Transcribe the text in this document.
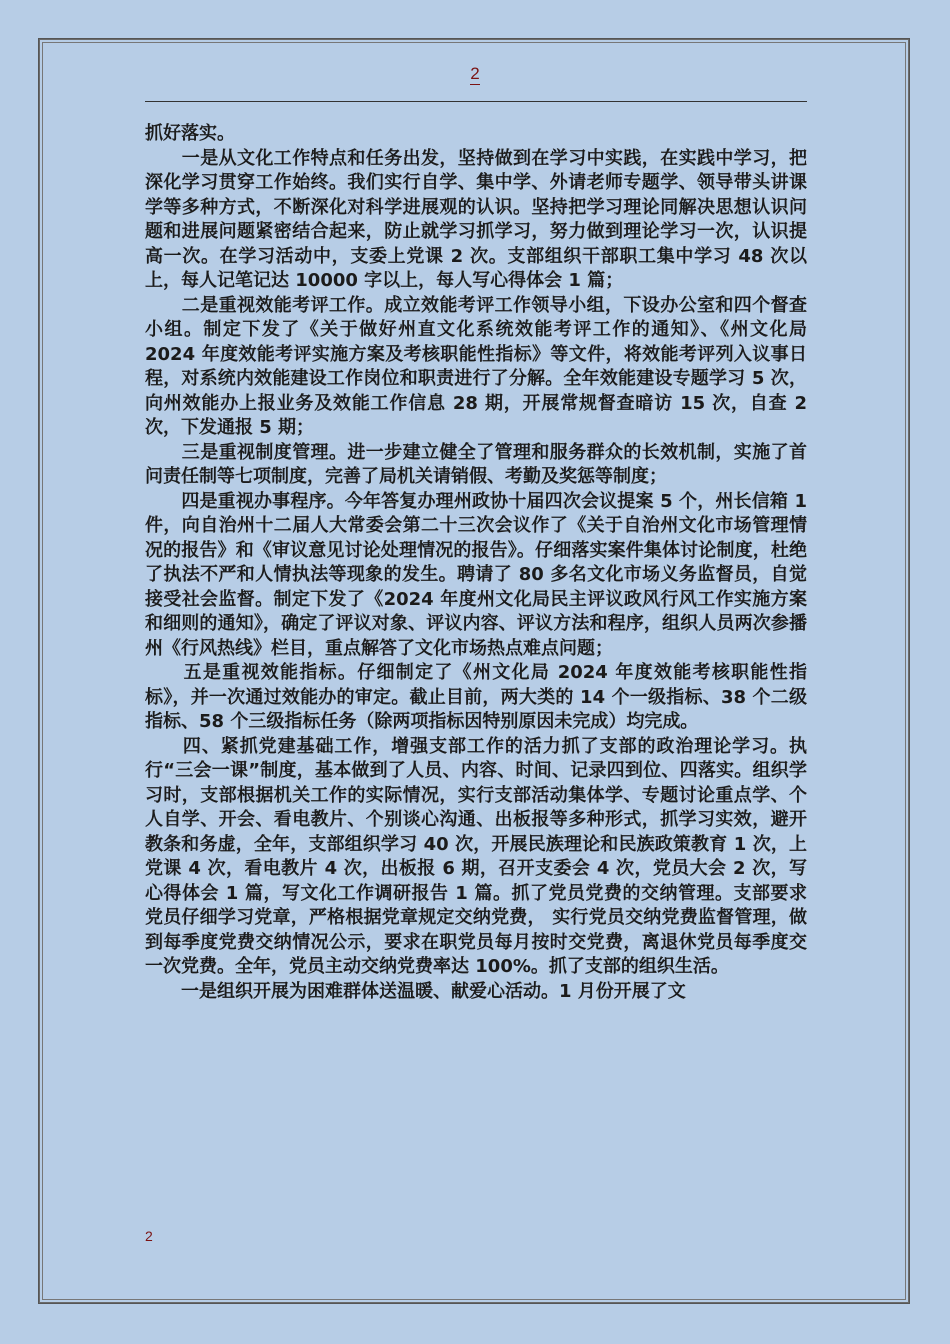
2

抓好落实。

　　一是从文化工作特点和任务出发，坚持做到在学习中实践，在实践中学习，把深化学习贯穿工作始终。我们实行自学、集中学、外请老师专题学、领导带头讲课学等多种方式，不断深化对科学进展观的认识。坚持把学习理论同解决思想认识问题和进展问题紧密结合起来，防止就学习抓学习，努力做到理论学习一次，认识提高一次。在学习活动中，支委上党课 2 次。支部组织干部职工集中学习 48 次以上，每人记笔记达 10000 字以上，每人写心得体会 1 篇；

　　二是重视效能考评工作。成立效能考评工作领导小组，下设办公室和四个督查小组。制定下发了《关于做好州直文化系统效能考评工作的通知》、《州文化局 2024 年度效能考评实施方案及考核职能性指标》等文件，将效能考评列入议事日程，对系统内效能建设工作岗位和职责进行了分解。全年效能建设专题学习 5 次，向州效能办上报业务及效能工作信息 28 期，开展常规督查暗访 15 次，自查 2 次，下发通报 5 期；

　　三是重视制度管理。进一步建立健全了管理和服务群众的长效机制，实施了首问责任制等七项制度，完善了局机关请销假、考勤及奖惩等制度；

　　四是重视办事程序。今年答复办理州政协十届四次会议提案 5 个，州长信箱 1 件，向自治州十二届人大常委会第二十三次会议作了《关于自治州文化市场管理情况的报告》和《审议意见讨论处理情况的报告》。仔细落实案件集体讨论制度，杜绝了执法不严和人情执法等现象的发生。聘请了 80 多名文化市场义务监督员，自觉接受社会监督。制定下发了《2024 年度州文化局民主评议政风行风工作实施方案和细则的通知》，确定了评议对象、评议内容、评议方法和程序，组织人员两次参播州《行风热线》栏目，重点解答了文化市场热点难点问题；

　　五是重视效能指标。仔细制定了《州文化局 2024 年度效能考核职能性指标》，并一次通过效能办的审定。截止目前，两大类的 14 个一级指标、38 个二级指标、58 个三级指标任务（除两项指标因特别原因未完成）均完成。

　　四、紧抓党建基础工作，增强支部工作的活力抓了支部的政治理论学习。执行“三会一课”制度，基本做到了人员、内容、时间、记录四到位、四落实。组织学习时，支部根据机关工作的实际情况，实行支部活动集体学、专题讨论重点学、个人自学、开会、看电教片、个别谈心沟通、出板报等多种形式，抓学习实效，避开教条和务虚，全年，支部组织学习 40 次，开展民族理论和民族政策教育 1 次，上党课 4 次，看电教片 4 次，出板报 6 期，召开支委会 4 次，党员大会 2 次，写心得体会 1 篇，写文化工作调研报告 1 篇。抓了党员党费的交纳管理。支部要求党员仔细学习党章，严格根据党章规定交纳党费， 实行党员交纳党费监督管理，做到每季度党费交纳情况公示，要求在职党员每月按时交党费，离退休党员每季度交一次党费。全年，党员主动交纳党费率达 100%。抓了支部的组织生活。

　　一是组织开展为困难群体送温暖、献爱心活动。1 月份开展了文

2
